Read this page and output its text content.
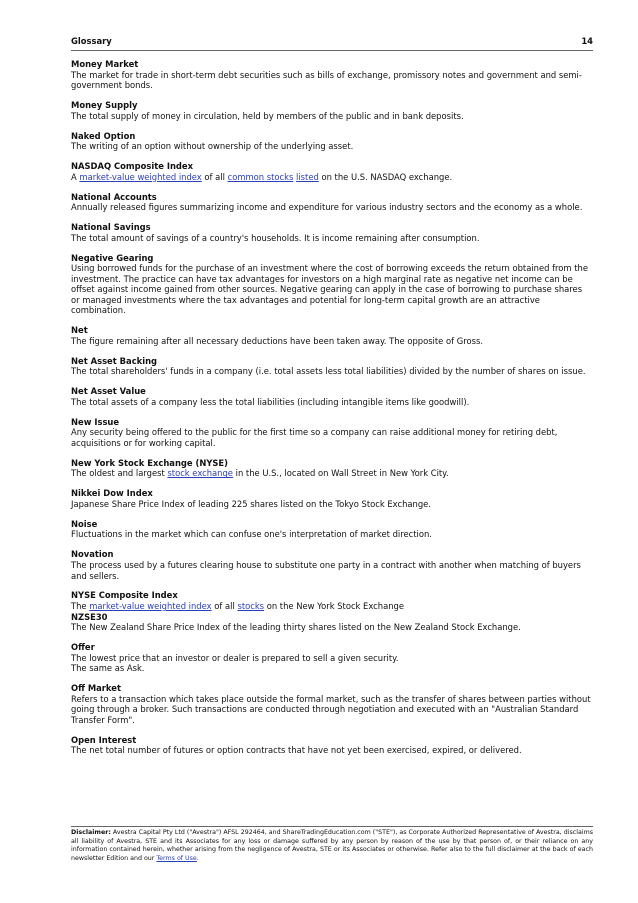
Glossary	14
Money Market
The market for trade in short-term debt securities such as bills of exchange, promissory notes and government and semi-government bonds.
Money Supply
The total supply of money in circulation, held by members of the public and in bank deposits.
Naked Option
The writing of an option without ownership of the underlying asset.
NASDAQ Composite Index
A market-value weighted index of all common stocks listed on the U.S. NASDAQ exchange.
National Accounts
Annually released figures summarizing income and expenditure for various industry sectors and the economy as a whole.
National Savings
The total amount of savings of a country's households. It is income remaining after consumption.
Negative Gearing
Using borrowed funds for the purchase of an investment where the cost of borrowing exceeds the return obtained from the investment. The practice can have tax advantages for investors on a high marginal rate as negative net income can be offset against income gained from other sources. Negative gearing can apply in the case of borrowing to purchase shares or managed investments where the tax advantages and potential for long-term capital growth are an attractive combination.
Net
The figure remaining after all necessary deductions have been taken away. The opposite of Gross.
Net Asset Backing
The total shareholders' funds in a company (i.e. total assets less total liabilities) divided by the number of shares on issue.
Net Asset Value
The total assets of a company less the total liabilities (including intangible items like goodwill).
New Issue
Any security being offered to the public for the first time so a company can raise additional money for retiring debt, acquisitions or for working capital.
New York Stock Exchange (NYSE)
The oldest and largest stock exchange in the U.S., located on Wall Street in New York City.
Nikkei Dow Index
Japanese Share Price Index of leading 225 shares listed on the Tokyo Stock Exchange.
Noise
Fluctuations in the market which can confuse one's interpretation of market direction.
Novation
The process used by a futures clearing house to substitute one party in a contract with another when matching of buyers and sellers.
NYSE Composite Index
The market-value weighted index of all stocks on the New York Stock Exchange
NZSE30
The New Zealand Share Price Index of the leading thirty shares listed on the New Zealand Stock Exchange.
Offer
The lowest price that an investor or dealer is prepared to sell a given security.
The same as Ask.
Off Market
Refers to a transaction which takes place outside the formal market, such as the transfer of shares between parties without going through a broker. Such transactions are conducted through negotiation and executed with an "Australian Standard Transfer Form".
Open Interest
The net total number of futures or option contracts that have not yet been exercised, expired, or delivered.
Disclaimer: Avestra Capital Pty Ltd ("Avestra") AFSL 292464, and ShareTradingEducation.com ("STE"), as Corporate Authorized Representative of Avestra, disclaims all liability of Avestra, STE and its Associates for any loss or damage suffered by any person by reason of the use by that person of, or their reliance on any information contained herein, whether arising from the negligence of Avestra, STE or its Associates or otherwise. Refer also to the full disclaimer at the back of each newsletter Edition and our Terms of Use.
